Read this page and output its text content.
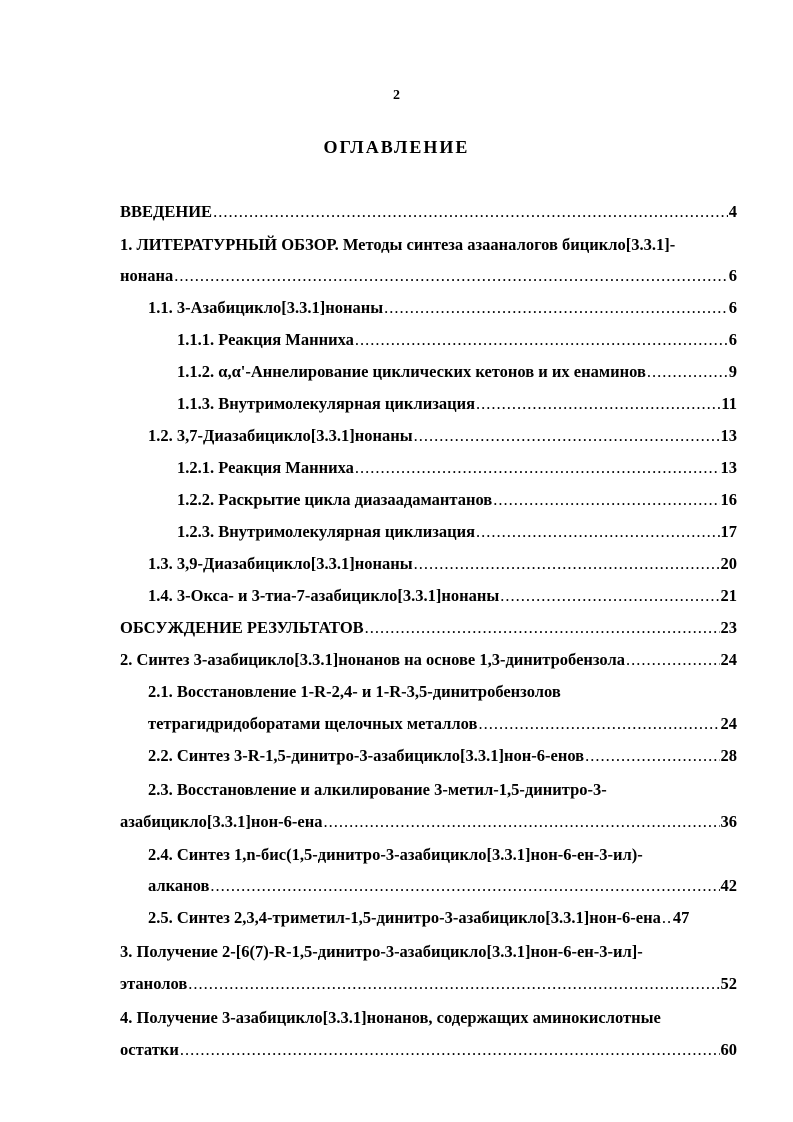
2
ОГЛАВЛЕНИЕ
ВВЕДЕНИЕ .....	4
1. ЛИТЕРАТУРНЫЙ ОБЗОР. Методы синтеза азааналогов бицикло[3.3.1]-
нонана .....	6
1.1. 3-Азабицикло[3.3.1]нонаны .....	6
1.1.1. Реакция Манниха .....	6
1.1.2. α,α'-Аннелирование циклических кетонов и их енаминов .....	9
1.1.3. Внутримолекулярная циклизация .....	11
1.2. 3,7-Диазабицикло[3.3.1]нонаны .....	13
1.2.1. Реакция Манниха .....	13
1.2.2. Раскрытие цикла диазаадамантанов .....	16
1.2.3. Внутримолекулярная циклизация .....	17
1.3. 3,9-Диазабицикло[3.3.1]нонаны .....	20
1.4. 3-Окса- и 3-тиа-7-азабицикло[3.3.1]нонаны .....	21
ОБСУЖДЕНИЕ РЕЗУЛЬТАТОВ .....	23
2. Синтез 3-азабицикло[3.3.1]нонанов на основе 1,3-динитробензола .....	24
2.1. Восстановление 1-R-2,4- и 1-R-3,5-динитробензолов
тетрагидридоборатами щелочных металлов .....	24
2.2. Синтез 3-R-1,5-динитро-3-азабицикло[3.3.1]нон-6-енов .....	28
2.3. Восстановление и алкилирование 3-метил-1,5-динитро-3-
азабицикло[3.3.1]нон-6-ена .....	36
2.4. Синтез 1,n-бис(1,5-динитро-3-азабицикло[3.3.1]нон-6-ен-3-ил)-
алканов .....	42
2.5. Синтез 2,3,4-триметил-1,5-динитро-3-азабицикло[3.3.1]нон-6-ена ..... 47
3. Получение 2-[6(7)-R-1,5-динитро-3-азабицикло[3.3.1]нон-6-ен-3-ил]-
этанолов .....	52
4. Получение 3-азабицикло[3.3.1]нонанов, содержащих аминокислотные
остатки .....	60
